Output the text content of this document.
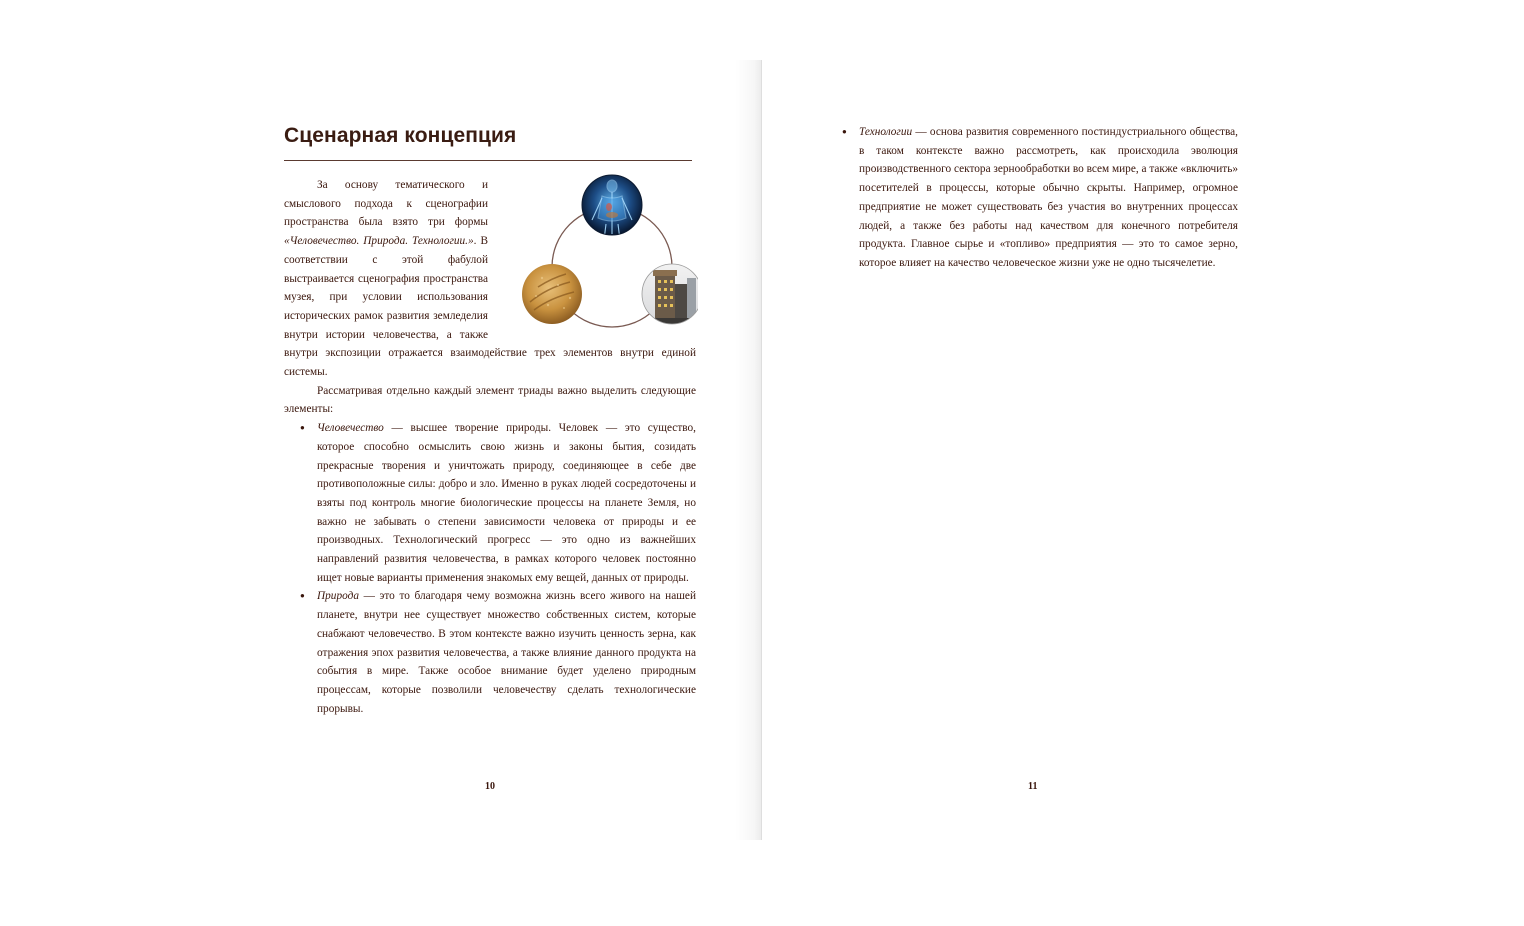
Сценарная концепция

За основу тематического и смыслового подхода к сценографии пространства была взято три формы «Человечество. Природа. Технологии.». В соответствии с этой фабулой выстраивается сценография пространства музея, при условии использования исторических рамок развития земледелия внутри истории человечества, а также внутри экспозиции отражается взаимодействие трех элементов внутри единой системы.

Рассматривая отдельно каждый элемент триады важно выделить следующие элементы:

● Человечество — высшее творение природы. Человек — это существо, которое способно осмыслить свою жизнь и законы бытия, созидать прекрасные творения и уничтожать природу, соединяющее в себе две противоположные силы: добро и зло. Именно в руках людей сосредоточены и взяты под контроль многие биологические процессы на планете Земля, но важно не забывать о степени зависимости человека от природы и ее производных. Технологический прогресс — это одно из важнейших направлений развития человечества, в рамках которого человек постоянно ищет новые варианты применения знакомых ему вещей, данных от природы.
● Природа — это то благодаря чему возможна жизнь всего живого на нашей планете, внутри нее существует множество собственных систем, которые снабжают человечество. В этом контексте важно изучить ценность зерна, как отражения эпох развития человечества, а также влияние данного продукта на события в мире. Также особое внимание будет уделено природным процессам, которые позволили человечеству сделать технологические прорывы.
● Технологии — основа развития современного постиндустриального общества, в таком контексте важно рассмотреть, как происходила эволюция производственного сектора зернообработки во всем мире, а также «включить» посетителей в процессы, которые обычно скрыты. Например, огромное предприятие не может существовать без участия во внутренних процессах людей, а также без работы над качеством для конечного потребителя продукта. Главное сырье и «топливо» предприятия — это то самое зерно, которое влияет на качество человеческое жизни уже не одно тысячелетие.
10	11
